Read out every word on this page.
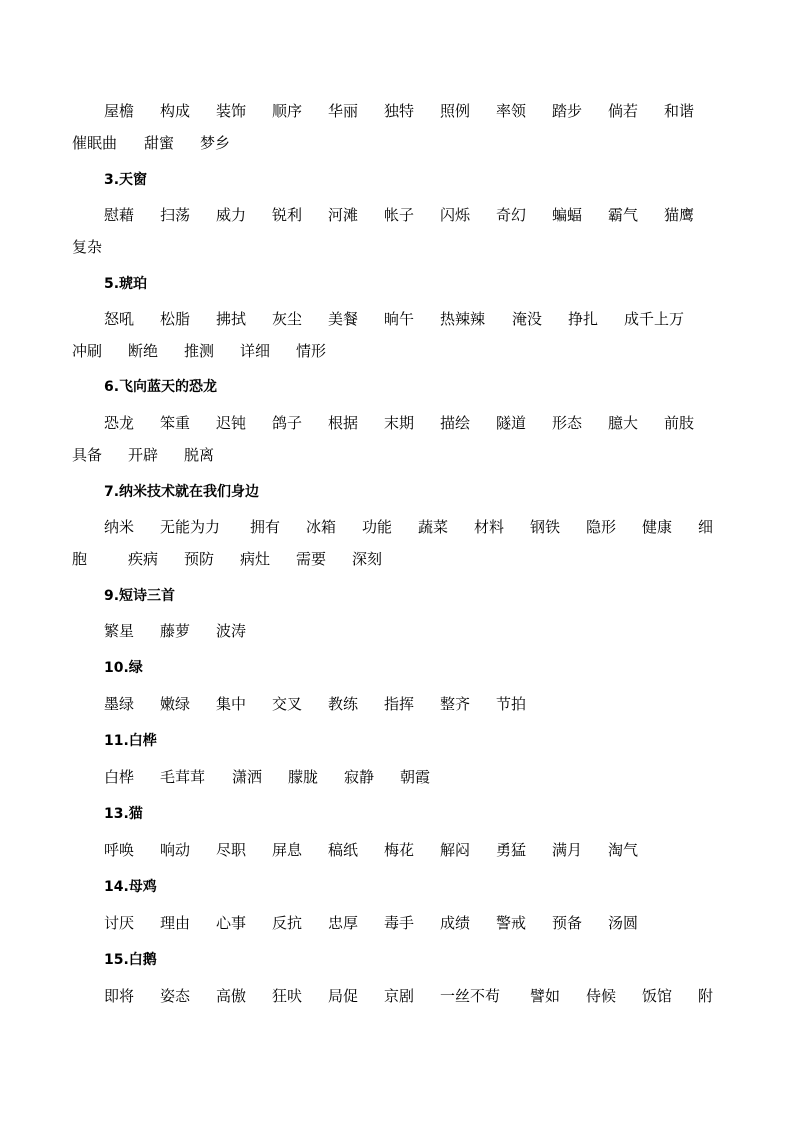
屋檐 构成 装饰 顺序 华丽 独特 照例 率领 踏步 倘若 和谐
催眠曲 甜蜜 梦乡
3.天窗
慰藉 扫荡 威力 锐利 河滩 帐子 闪烁 奇幻 蝙蝠 霸气 猫鹰
复杂
5.琥珀
怒吼 松脂 拂拭 灰尘 美餐 晌午 热辣辣 淹没 挣扎 成千上万
冲刷 断绝 推测 详细 情形
6.飞向蓝天的恐龙
恐龙 笨重 迟钝 鸽子 根据 末期 描绘 隧道 形态 臆大 前肢
具备 开辟 脱离
7.纳米技术就在我们身边
纳米 无能为力 拥有 冰箱 功能 蔬菜 材料 钢铁 隐形 健康 细
胞	疾病 预防 病灶 需要 深刻
9.短诗三首
繁星 藤萝 波涛
10.绿
墨绿 嫩绿 集中 交叉 教练 指挥 整齐 节拍
11.白桦
白桦 毛茸茸 潇洒 朦胧 寂静 朝霞
13.猫
呼唤 响动 尽职 屏息 稿纸 梅花 解闷 勇猛 满月 淘气
14.母鸡
讨厌 理由 心事 反抗 忠厚 毒手 成绩 警戒 预备 汤圆
15.白鹅
即将 姿态 高傲 狂吠 局促 京剧 一丝不苟 譬如 侍候 饭馆 附
